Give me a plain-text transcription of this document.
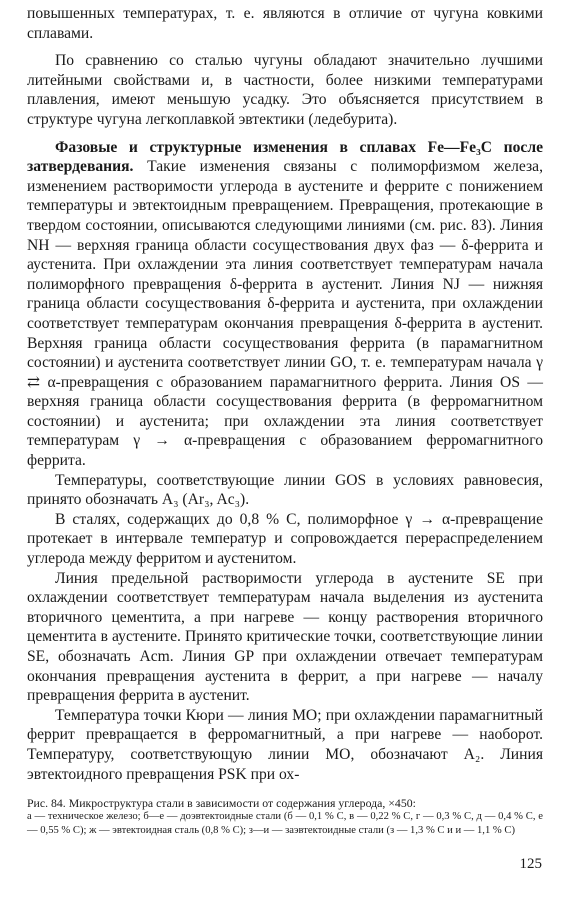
повышенных температурах, т. е. являются в отличие от чугуна ковкими сплавами.

По сравнению со сталью чугуны обладают значительно лучшими литейными свойствами и, в частности, более низкими температурами плавления, имеют меньшую усадку. Это объясняется присутствием в структуре чугуна легкоплавкой эвтектики (ледебурита).

Фазовые и структурные изменения в сплавах Fe—Fe₃C после затвердевания. Такие изменения связаны с полиморфизмом железа, изменением растворимости углерода в аустените и феррите с понижением температуры и эвтектоидным превращением. Превращения, протекающие в твердом состоянии, описываются следующими линиями (см. рис. 83). Линия NH — верхняя граница области сосуществования двух фаз — δ-феррита и аустенита. При охлаждении эта линия соответствует температурам начала полиморфного превращения δ-феррита в аустенит. Линия NJ — нижняя граница области сосуществования δ-феррита и аустенита, при охлаждении соответствует температурам окончания превращения δ-феррита в аустенит. Верхняя граница области сосуществования феррита (в парамагнитном состоянии) и аустенита соответствует линии GO, т. е. температурам начала γ ⇄ α-превращения с образованием парамагнитного феррита. Линия OS — верхняя граница области сосуществования феррита (в ферромагнитном состоянии) и аустенита; при охлаждении эта линия соответствует температурам γ → α-превращения с образованием ферромагнитного феррита.

Температуры, соответствующие линии GOS в условиях равновесия, принято обозначать A₃ (Ar₃, Ac₃).

В сталях, содержащих до 0,8 % C, полиморфное γ → α-превращение протекает в интервале температур и сопровождается перераспределением углерода между ферритом и аустенитом.

Линия предельной растворимости углерода в аустените SE при охлаждении соответствует температурам начала выделения из аустенита вторичного цементита, а при нагреве — концу растворения вторичного цементита в аустените. Принято критические точки, соответствующие линии SE, обозначать Acm. Линия GP при охлаждении отвечает температурам окончания превращения аустенита в феррит, а при нагреве — началу превращения феррита в аустенит.

Температура точки Кюри — линия MO; при охлаждении парамагнитный феррит превращается в ферромагнитный, а при нагреве — наоборот. Температуру, соответствующую линии MO, обозначают A₂. Линия эвтектоидного превращения PSK при ох-

Рис. 84. Микроструктура стали в зависимости от содержания углерода, ×450:
а — техническое железо; б—е — доэвтектоидные стали (б — 0,1 % C, в — 0,22 % C, г — 0,3 % C, д — 0,4 % C, е — 0,55 % C); ж — эвтектоидная сталь (0,8 % C); з—и — заэвтектоидные стали (з — 1,3 % C и и — 1,1 % C)
125
